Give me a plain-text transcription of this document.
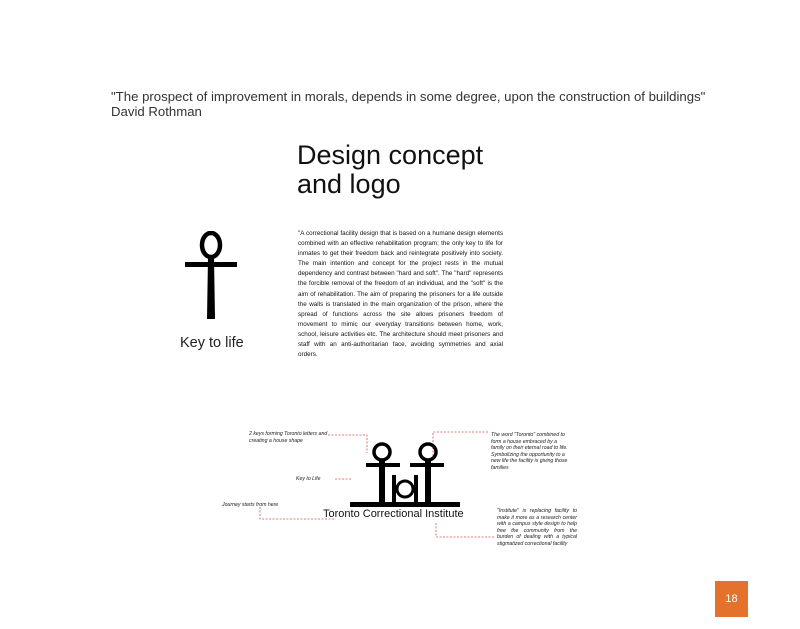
"The prospect of improvement in morals, depends in some degree, upon the construction of buildings"
David Rothman
Design concept
and logo
Key to life
"A correctional facility design that is based on a humane design elements combined with an effective rehabilitation program; the only key to life for inmates to get their freedom back and reintegrate positively into society. The main intention and concept for the project rests in the mutual dependency and contrast between "hard and soft". The "hard" represents the forcible removal of the freedom of an individual, and the "soft" is the aim of rehabilitation. The aim of preparing the prisoners for a life outside the walls is translated in the main organization of the prison, where the spread of functions across the site allows prisoners freedom of movement to mimic our everyday transitions between home, work, school, leisure activities etc. The architecture should meet prisoners and staff with an anti-authoritarian face, avoiding symmetries and axial orders.
Toronto Correctional Institute
2 keys forming Toronto letters and creating a house shape
The word "Toronto" combined to form a house embraced by a family on their eternal road to life. Symbolizing the opportunity to a new life the facility is giving those families
Key to Life
Journey starts from here
"Institute" is replacing facility to make it more as a research center with a campus style design to help free the community from the burden of dealing with a typical stigmatized correctional facility
18
